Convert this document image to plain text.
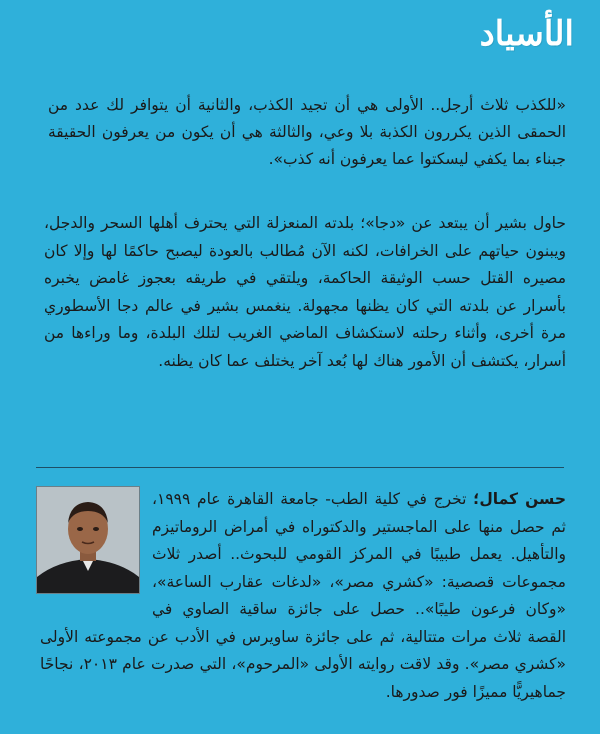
الأسياد

«للكذب ثلاث أرجل.. الأولى هي أن تجيد الكذب، والثانية أن يتوافر لك عدد من الحمقى الذين يكررون الكذبة بلا وعي، والثالثة هي أن يكون من يعرفون الحقيقة جبناء بما يكفي ليسكتوا عما يعرفون أنه كذب».

حاول بشير أن يبتعد عن «دجا»؛ بلدته المنعزلة التي يحترف أهلها السحر والدجل، ويبنون حياتهم على الخرافات، لكنه الآن مُطالب بالعودة ليصبح حاكمًا لها وإلا كان مصيره القتل حسب الوثيقة الحاكمة، ويلتقي في طريقه بعجوز غامض يخبره بأسرار عن بلدته التي كان يظنها مجهولة. ينغمس بشير في عالم دجا الأسطوري مرة أخرى، وأثناء رحلته لاستكشاف الماضي الغريب لتلك البلدة، وما وراءها من أسرار، يكتشف أن الأمور هناك لها بُعد آخر يختلف عما كان يظنه.

حسن كمال؛ تخرج في كلية الطب- جامعة القاهرة عام ١٩٩٩، ثم حصل منها على الماجستير والدكتوراه في أمراض الروماتيزم والتأهيل. يعمل طبيبًا في المركز القومي للبحوث.. أصدر ثلاث مجموعات قصصية: «كشري مصر»، «لدغات عقارب الساعة»، «وكان فرعون طيبًا».. حصل على جائزة ساقية الصاوي في القصة ثلاث مرات متتالية، ثم على جائزة ساويرس في الأدب عن مجموعته الأولى «كشري مصر». وقد لاقت روايته الأولى «المرحوم»، التي صدرت عام ٢٠١٣، نجاحًا جماهيريًّا مميزًا فور صدورها.
